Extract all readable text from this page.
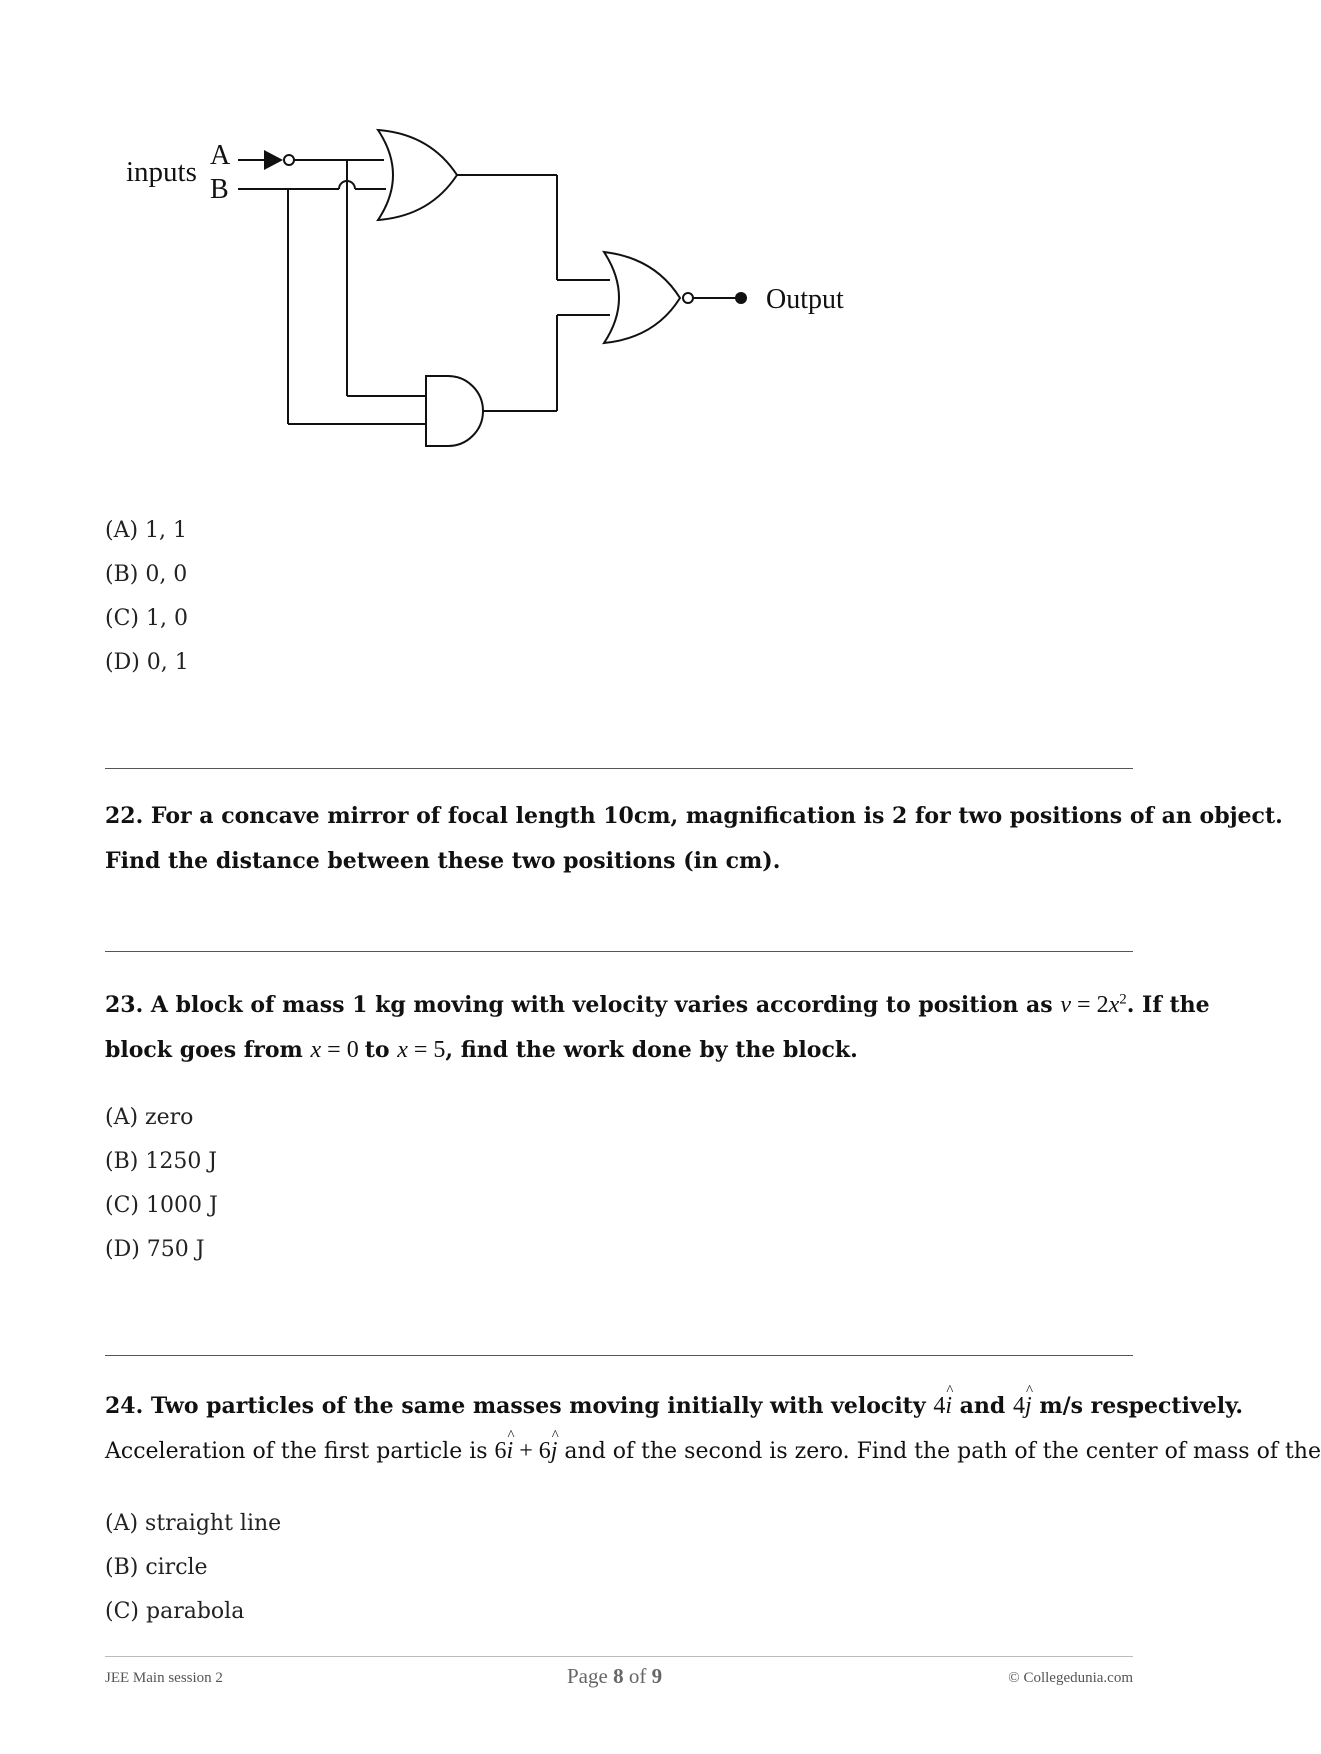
inputs
A
B
Output
(A) 1, 1
(B) 0, 0
(C) 1, 0
(D) 0, 1

22. For a concave mirror of focal length 10cm, magnification is 2 for two positions of an object.
Find the distance between these two positions (in cm).

23. A block of mass 1 kg moving with velocity varies according to position as $v = 2x^2$. If the
block goes from x = 0 to x = 5, find the work done by the block.

(A) zero
(B) 1250 J
(C) 1000 J
(D) 750 J

24. Two particles of the same masses moving initially with velocity 4i ^ and 4j ^ m/s respectively.
Acceleration of the first particle is 6i ^ + 6j ^ and of the second is zero. Find the path of the center of mass of the

(A) straight line
(B) circle
(C) parabola
JEE Main session 2	Page 8 of 9	© Collegedunia.com
